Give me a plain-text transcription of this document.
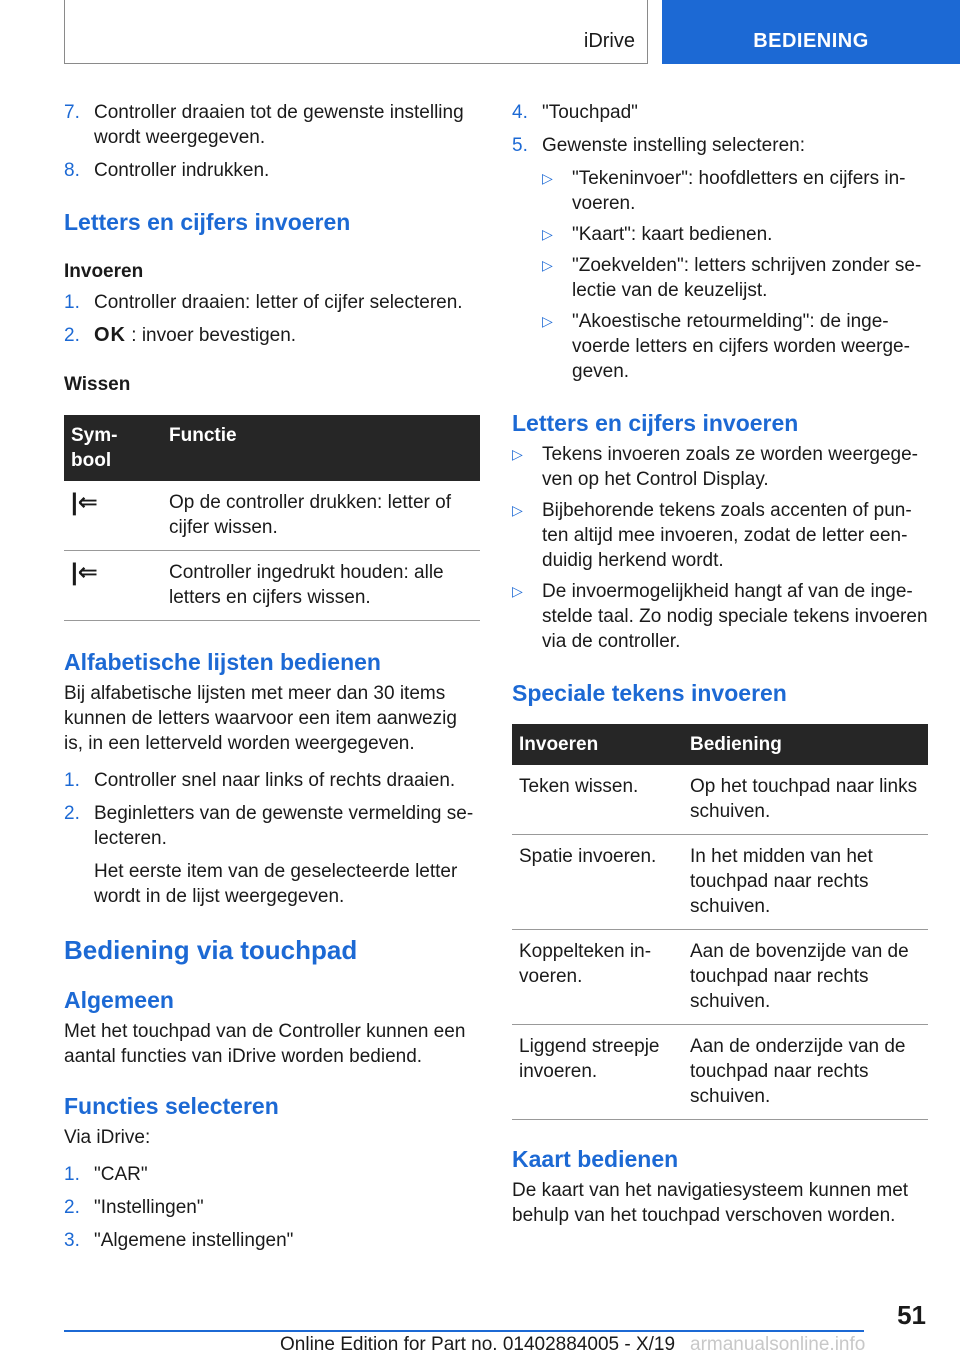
iDrive	BEDIENING
7. Controller draaien tot de gewenste instelling wordt weergegeven.
8. Controller indrukken.
Letters en cijfers invoeren
Invoeren
1. Controller draaien: letter of cijfer selecteren.
2. OK : invoer bevestigen.
Wissen
Sym-
bool	Functie
|⇐	Op de controller drukken: letter of cijfer wissen.
|⇐	Controller ingedrukt houden: alle letters en cijfers wissen.
Alfabetische lijsten bedienen

Bij alfabetische lijsten met meer dan 30 items kunnen de letters waarvoor een item aanwezig is, in een letterveld worden weergegeven.

1. Controller snel naar links of rechts draaien.
2. Beginletters van de gewenste vermelding selecteren.
Het eerste item van de geselecteerde letter wordt in de lijst weergegeven.
Bediening via touchpad
Algemeen

Met het touchpad van de Controller kunnen een aantal functies van iDrive worden bediend.

Functies selecteren

Via iDrive:

1. "CAR"
2. "Instellingen"
3. "Algemene instellingen"
4. "Touchpad"
5. Gewenste instelling selecteren:
▷ "Tekeninvoer": hoofdletters en cijfers invoeren.
▷ "Kaart": kaart bedienen.
▷ "Zoekvelden": letters schrijven zonder selectie van de keuzelijst.
▷ "Akoestische retourmelding": de ingevoerde letters en cijfers worden weergegeven.
Letters en cijfers invoeren
▷ Tekens invoeren zoals ze worden weergegeven op het Control Display.
▷ Bijbehorende tekens zoals accenten of punten altijd mee invoeren, zodat de letter eenduidig herkend wordt.
▷ De invoermogelijkheid hangt af van de ingestelde taal. Zo nodig speciale tekens invoeren via de controller.
Speciale tekens invoeren
Invoeren	Bediening
Teken wissen.	Op het touchpad naar links schuiven.
Spatie invoeren.	In het midden van het touchpad naar rechts schuiven.
Koppelteken invoeren.	Aan de bovenzijde van de touchpad naar rechts schuiven.
Liggend streepje invoeren.	Aan de onderzijde van de touchpad naar rechts schuiven.
Kaart bedienen

De kaart van het navigatiesysteem kunnen met behulp van het touchpad verschoven worden.

51
Online Edition for Part no. 01402884005 - X/19 armanualsonline.info
